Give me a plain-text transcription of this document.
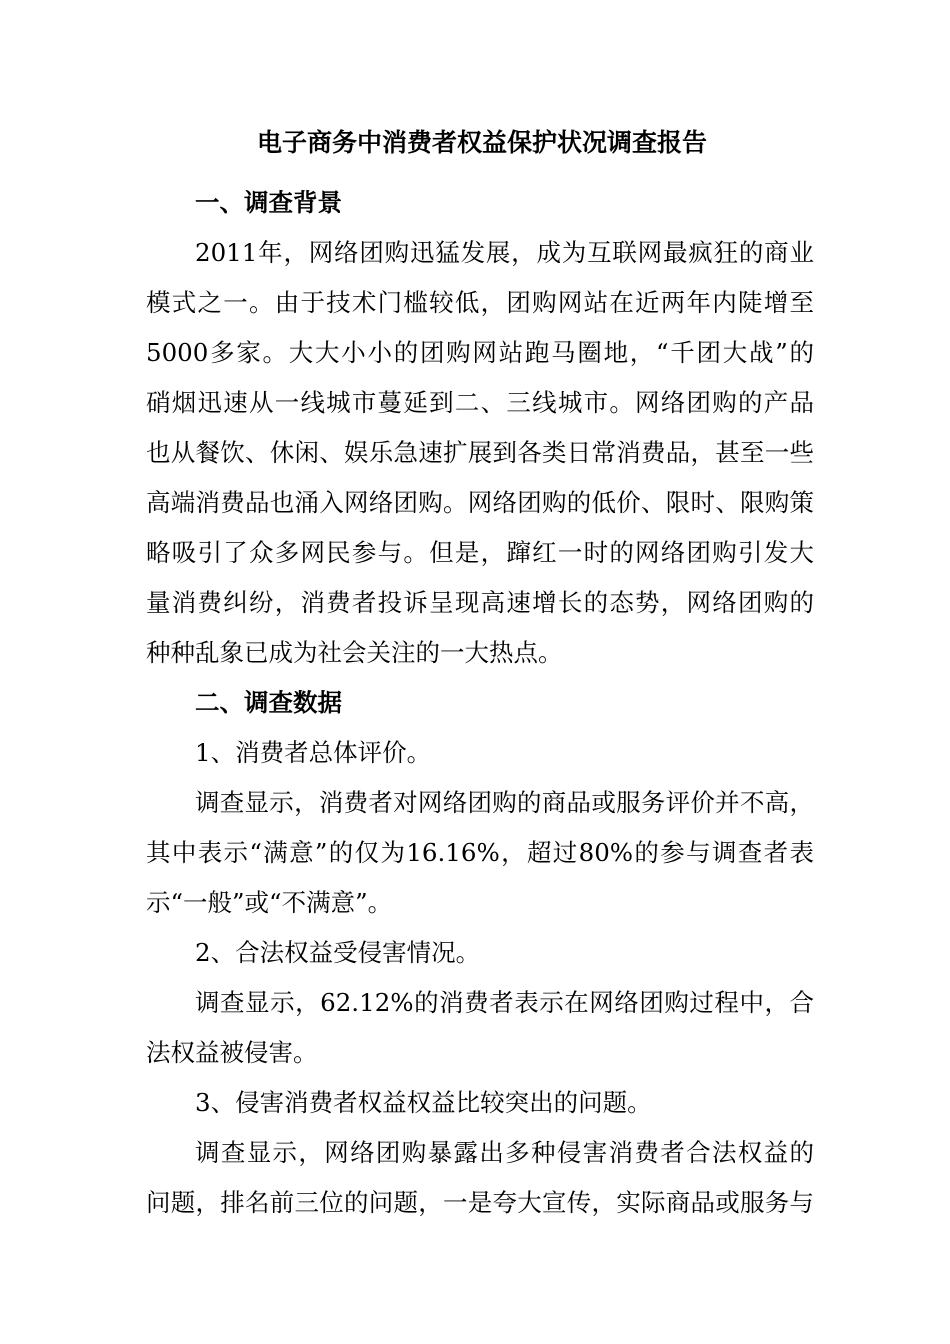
电子商务中消费者权益保护状况调查报告
一、调查背景
2011年，网络团购迅猛发展，成为互联网最疯狂的商业
模式之一。由于技术门槛较低，团购网站在近两年内陡增至
5000多家。大大小小的团购网站跑马圈地，“千团大战”的
硝烟迅速从一线城市蔓延到二、三线城市。网络团购的产品
也从餐饮、休闲、娱乐急速扩展到各类日常消费品，甚至一些
高端消费品也涌入网络团购。网络团购的低价、限时、限购策
略吸引了众多网民参与。但是，蹿红一时的网络团购引发大
量消费纠纷，消费者投诉呈现高速增长的态势，网络团购的
种种乱象已成为社会关注的一大热点。
二、调查数据
1、消费者总体评价。
调查显示，消费者对网络团购的商品或服务评价并不高，
其中表示“满意”的仅为16.16%，超过80%的参与调查者表
示“一般”或“不满意”。
2、合法权益受侵害情况。
调查显示，62.12%的消费者表示在网络团购过程中，合
法权益被侵害。
3、侵害消费者权益权益比较突出的问题。
调查显示，网络团购暴露出多种侵害消费者合法权益的
问题，排名前三位的问题，一是夸大宣传，实际商品或服务与
